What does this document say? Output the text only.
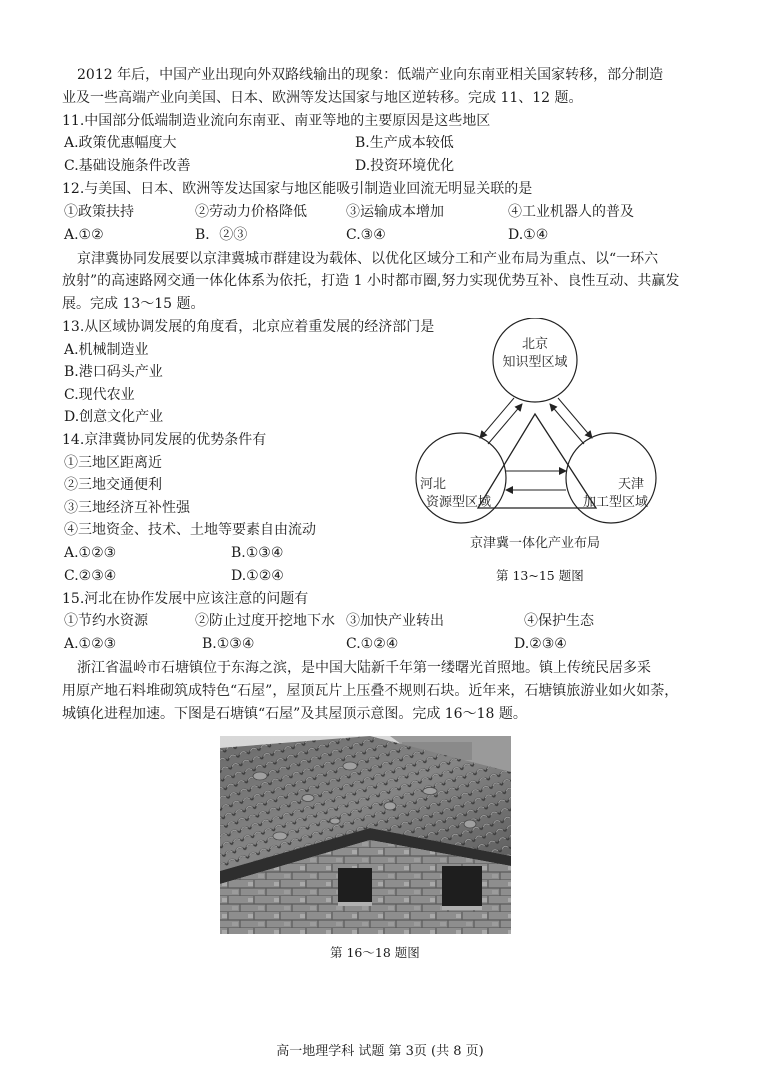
2012 年后，中国产业出现向外双路线输出的现象：低端产业向东南亚相关国家转移，部分制造
业及一些高端产业向美国、日本、欧洲等发达国家与地区逆转移。完成 11、12 题。
11.中国部分低端制造业流向东南亚、南亚等地的主要原因是这些地区
A.政策优惠幅度大	B.生产成本较低
C.基础设施条件改善	D.投资环境优化
12.与美国、日本、欧洲等发达国家与地区能吸引制造业回流无明显关联的是
①政策扶持	②劳动力价格降低	③运输成本增加	④工业机器人的普及
A.①②	B．②③	C.③④	D.①④
京津冀协同发展要以京津冀城市群建设为载体、以优化区域分工和产业布局为重点、以“一环六
放射”的高速路网交通一体化体系为依托，打造 1 小时都市圈,努力实现优势互补、良性互动、共赢发
展。完成 13～15 题。
13.从区域协调发展的角度看，北京应着重发展的经济部门是
A.机械制造业
B.港口码头产业
C.现代农业
D.创意文化产业
14.京津冀协同发展的优势条件有
①三地区距离近
②三地交通便利
③三地经济互补性强
④三地资金、技术、土地等要素自由流动
A.①②③	B.①③④
C.②③④	D.①②④
北京
知识型区域
河北
资源型区域
天津
加工型区域
京津冀一体化产业布局
第 13~15 题图
15.河北在协作发展中应该注意的问题有
①节约水资源	②防止过度开挖地下水 ③加快产业转出	④保护生态
A.①②③	B.①③④	C.①②④	D.②③④
浙江省温岭市石塘镇位于东海之滨，是中国大陆新千年第一缕曙光首照地。镇上传统民居多采
用原产地石料堆砌筑成特色“石屋”，屋顶瓦片上压叠不规则石块。近年来，石塘镇旅游业如火如荼，
城镇化进程加速。下图是石塘镇“石屋”及其屋顶示意图。完成 16～18 题。
第 16～18 题图
高一地理学科 试题 第 3页 (共 8 页)
